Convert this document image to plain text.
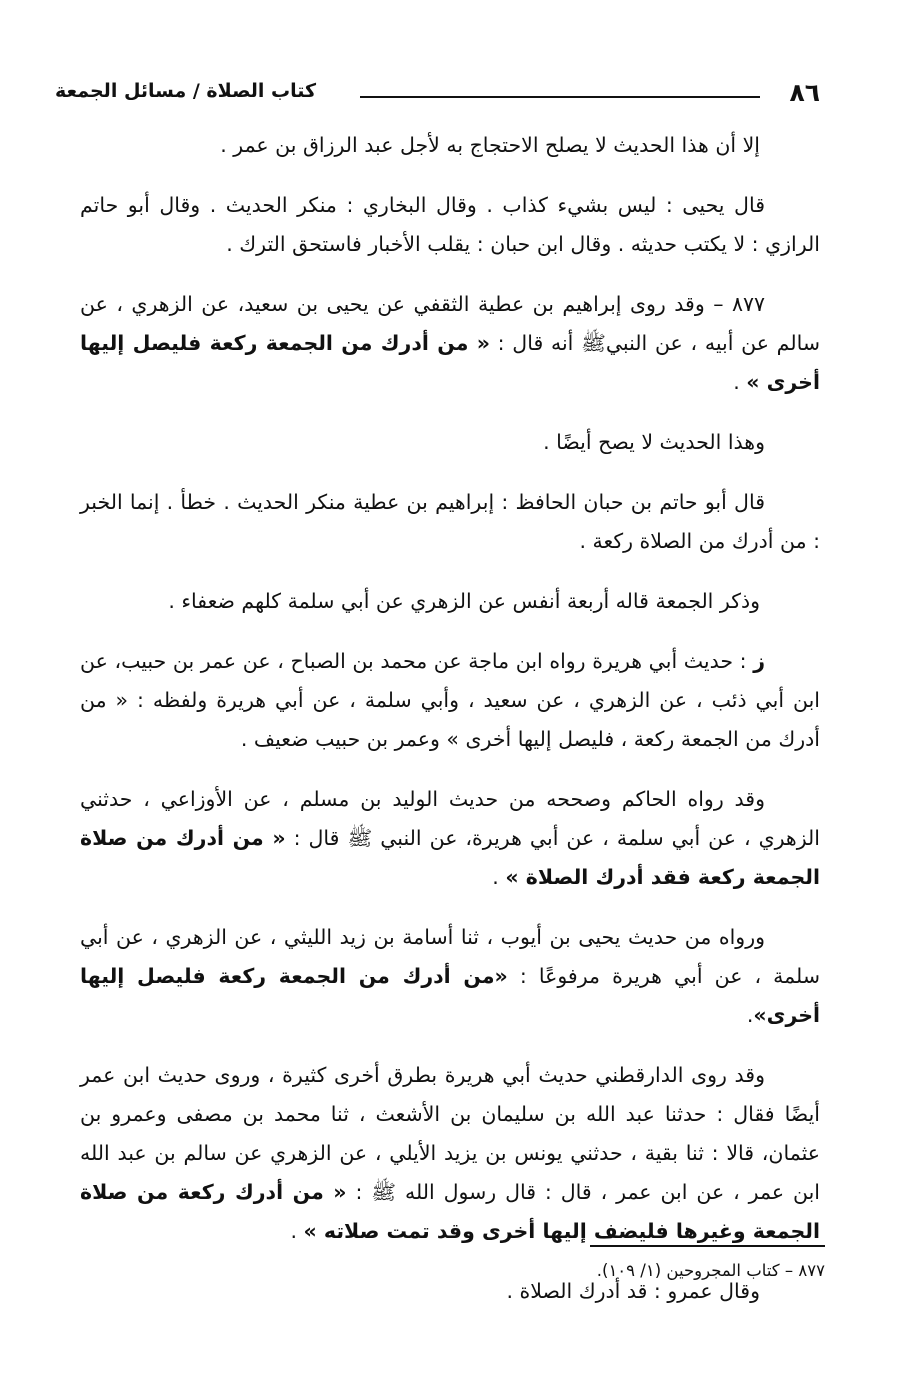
٨٦
كتاب الصلاة / مسائل الجمعة

إلا أن هذا الحديث لا يصلح الاحتجاج به لأجل عبد الرزاق بن عمر .

قال يحيى : ليس بشيء كذاب . وقال البخاري : منكر الحديث . وقال أبو حاتم الرازي : لا يكتب حديثه . وقال ابن حبان : يقلب الأخبار فاستحق الترك .

٨٧٧ – وقد روى إبراهيم بن عطية الثقفي عن يحيى بن سعيد، عن الزهري ، عن سالم عن أبيه ، عن النبيﷺ أنه قال : « من أدرك من الجمعة ركعة فليصل إليها أخرى » .

وهذا الحديث لا يصح أيضًا .

قال أبو حاتم بن حبان الحافظ : إبراهيم بن عطية منكر الحديث . خطأ . إنما الخبر : من أدرك من الصلاة ركعة .

وذكر الجمعة قاله أربعة أنفس عن الزهري عن أبي سلمة كلهم ضعفاء .

ز : حديث أبي هريرة رواه ابن ماجة عن محمد بن الصباح ، عن عمر بن حبيب، عن ابن أبي ذئب ، عن الزهري ، عن سعيد ، وأبي سلمة ، عن أبي هريرة ولفظه : « من أدرك من الجمعة ركعة ، فليصل إليها أخرى » وعمر بن حبيب ضعيف .

وقد رواه الحاكم وصححه من حديث الوليد بن مسلم ، عن الأوزاعي ، حدثني الزهري ، عن أبي سلمة ، عن أبي هريرة، عن النبي ﷺ قال : « من أدرك من صلاة الجمعة ركعة فقد أدرك الصلاة » .

ورواه من حديث يحيى بن أيوب ، ثنا أسامة بن زيد الليثي ، عن الزهري ، عن أبي سلمة ، عن أبي هريرة مرفوعًا : «من أدرك من الجمعة ركعة فليصل إليها أخرى».

وقد روى الدارقطني حديث أبي هريرة بطرق أخرى كثيرة ، وروى حديث ابن عمر أيضًا فقال : حدثنا عبد الله بن سليمان بن الأشعث ، ثنا محمد بن مصفى وعمرو بن عثمان، قالا : ثنا بقية ، حدثني يونس بن يزيد الأيلي ، عن الزهري عن سالم بن عبد الله ابن عمر ، عن ابن عمر ، قال : قال رسول الله ﷺ : « من أدرك ركعة من صلاة الجمعة وغيرها فليضف إليها أخرى وقد تمت صلاته » .

وقال عمرو : قد أدرك الصلاة .

٨٧٧ – كتاب المجروحين (١/ ١٠٩).
